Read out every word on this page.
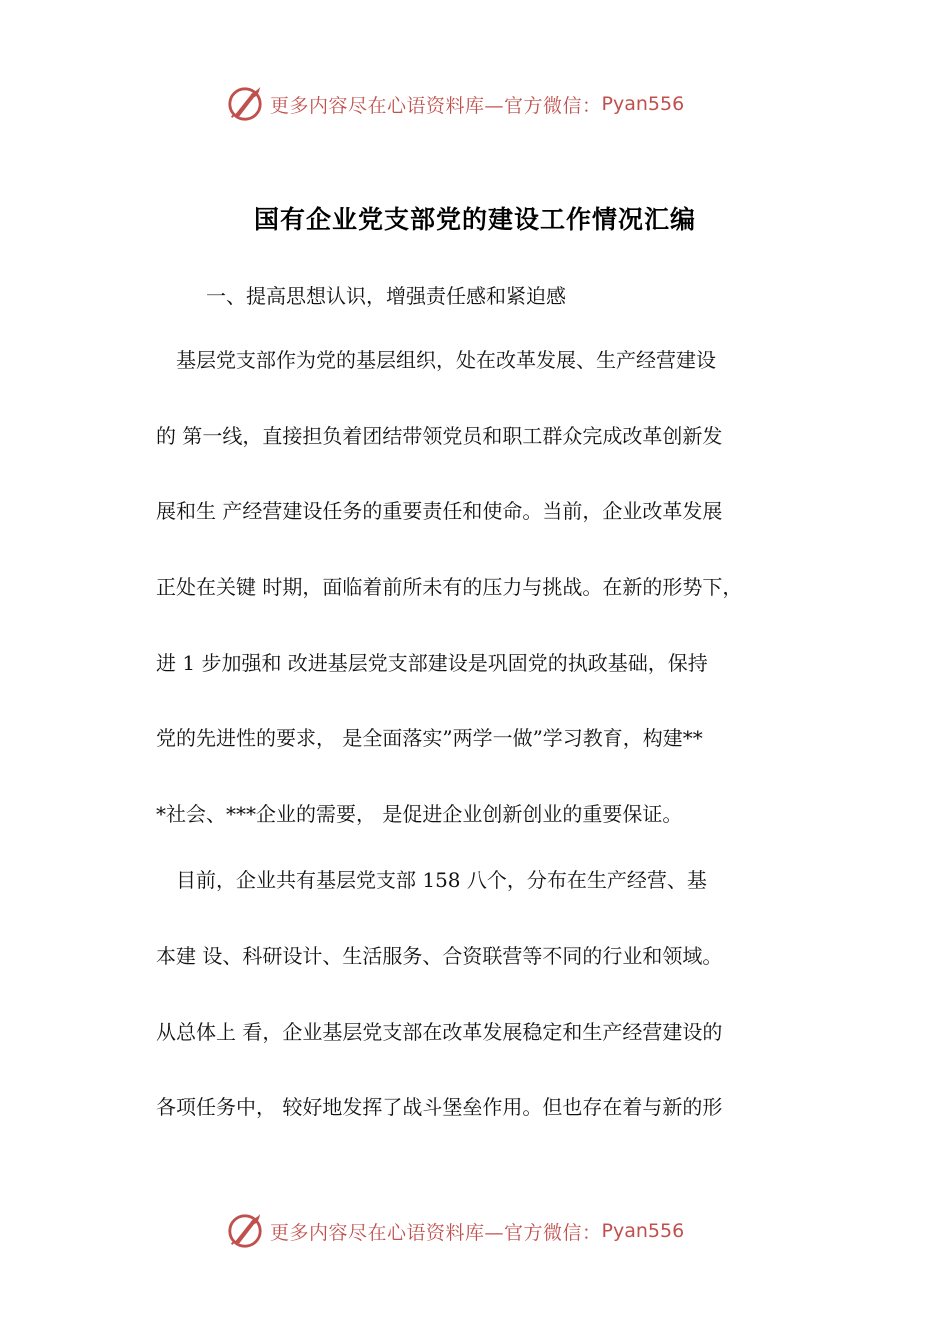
更多内容尽在心语资料库—官方微信： Pyan556
国有企业党支部党的建设工作情况汇编
一、提高思想认识，增强责任感和紧迫感
　基层党支部作为党的基层组织，处在改革发展、生产经营建设
的 第一线，直接担负着团结带领党员和职工群众完成改革创新发
展和生 产经营建设任务的重要责任和使命。当前，企业改革发展
正处在关键 时期，面临着前所未有的压力与挑战。在新的形势下，
进 1 步加强和 改进基层党支部建设是巩固党的执政基础，保持
党的先进性的要求， 是全面落实”两学一做”学习教育，构建**
*社会、***企业的需要， 是促进企业创新创业的重要保证。
　目前，企业共有基层党支部 158 八个，分布在生产经营、基
本建 设、科研设计、生活服务、合资联营等不同的行业和领域。
从总体上 看，企业基层党支部在改革发展稳定和生产经营建设的
各项任务中， 较好地发挥了战斗堡垒作用。但也存在着与新的形
更多内容尽在心语资料库—官方微信： Pyan556
